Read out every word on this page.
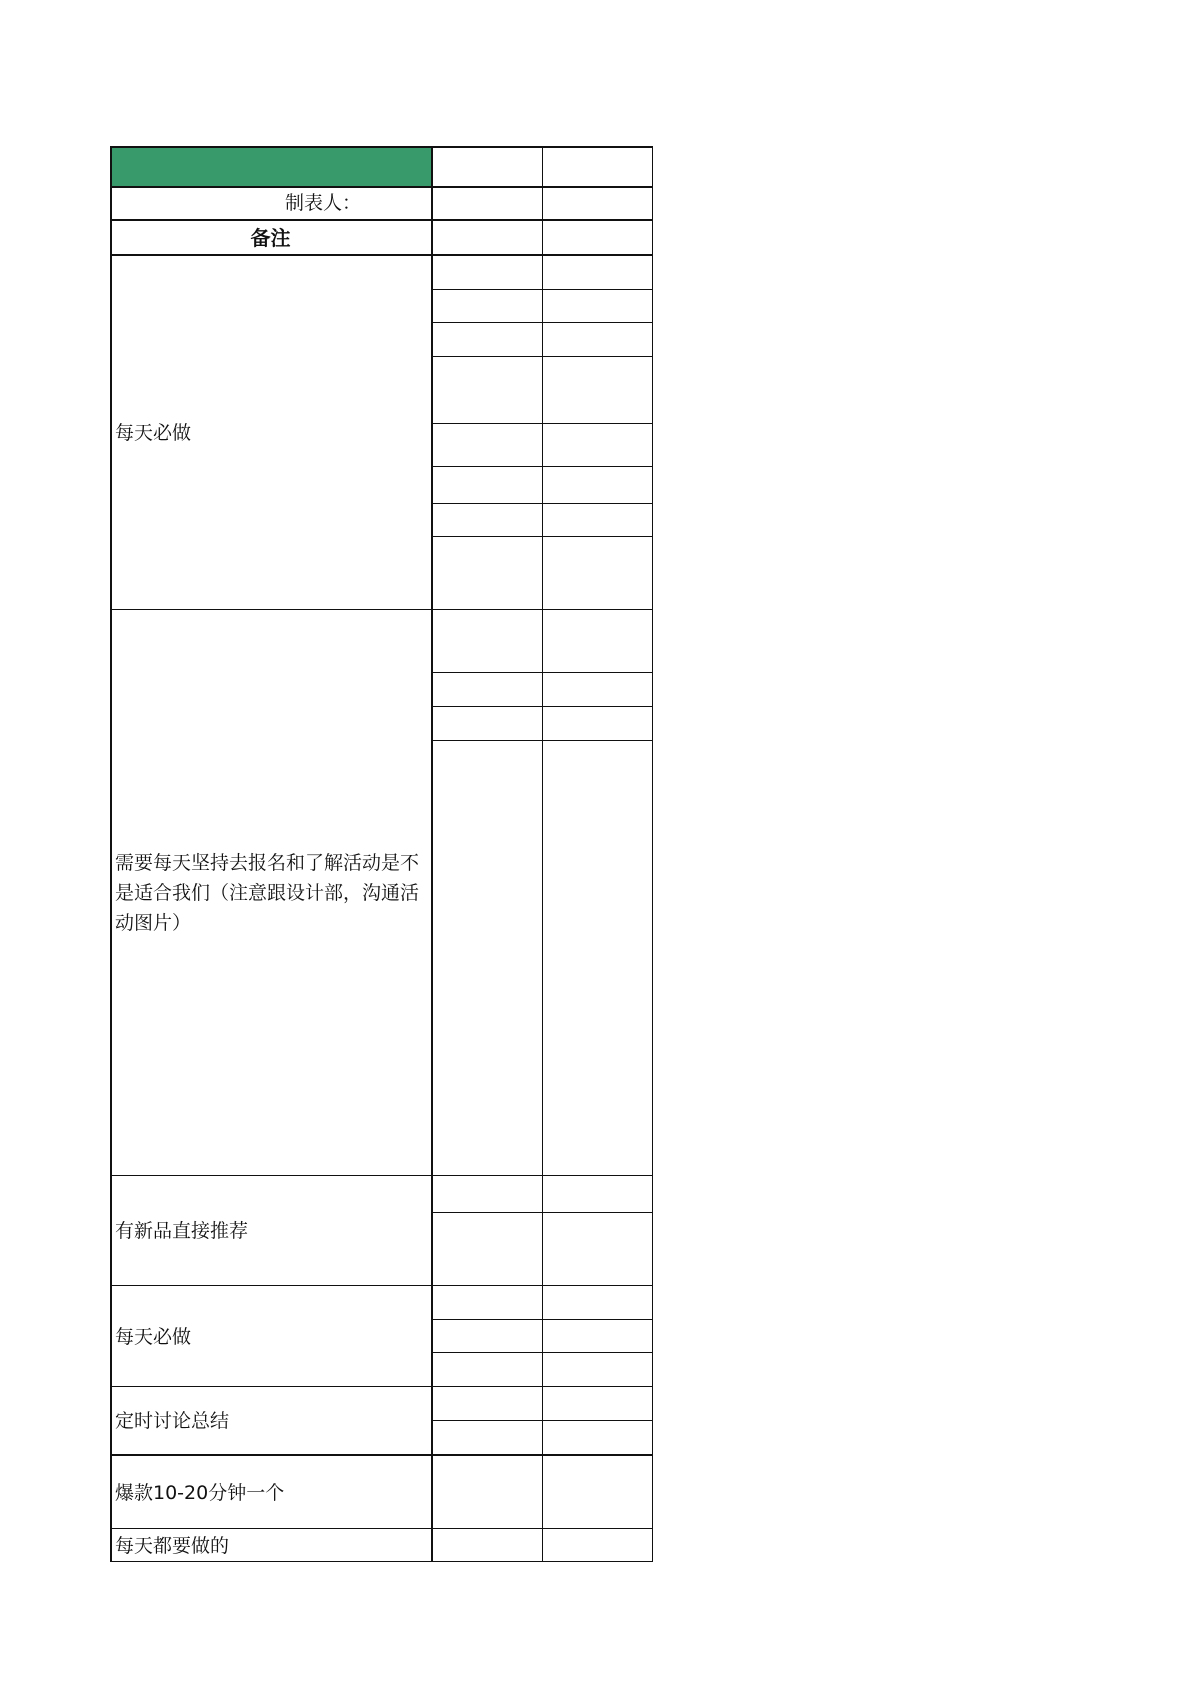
制表人：
备注
每天必做
需要每天坚持去报名和了解活动是不是适合我们（注意跟设计部，沟通活动图片）
有新品直接推荐
每天必做
定时讨论总结
爆款10-20分钟一个
每天都要做的
